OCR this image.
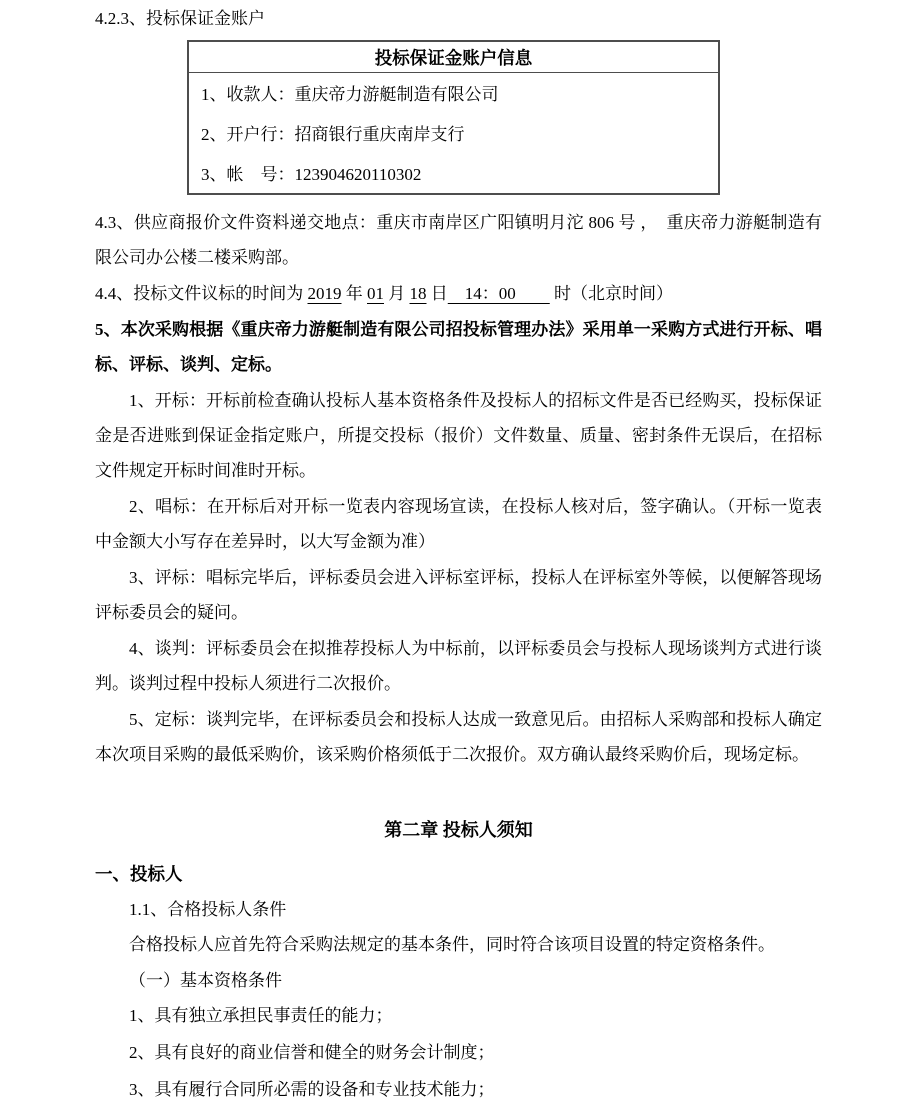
4.2.3、投标保证金账户

投标保证金账户信息
1、收款人：重庆帝力游艇制造有限公司
2、开户行：招商银行重庆南岸支行
3、帐　号：123904620110302

4.3、供应商报价文件资料递交地点：重庆市南岸区广阳镇明月沱 806 号 ，　重庆帝力游艇制造有限公司办公楼二楼采购部。

4.4、投标文件议标的时间为 2019 年 01 月 18 日　14：00　　 时（北京时间）

5、本次采购根据《重庆帝力游艇制造有限公司招投标管理办法》采用单一采购方式进行开标、唱标、评标、谈判、定标。

1、开标：开标前检查确认投标人基本资格条件及投标人的招标文件是否已经购买，投标保证金是否进账到保证金指定账户，所提交投标（报价）文件数量、质量、密封条件无误后，在招标文件规定开标时间准时开标。

2、唱标：在开标后对开标一览表内容现场宣读，在投标人核对后，签字确认。（开标一览表中金额大小写存在差异时，以大写金额为准）

3、评标：唱标完毕后，评标委员会进入评标室评标，投标人在评标室外等候，以便解答现场评标委员会的疑问。

4、谈判：评标委员会在拟推荐投标人为中标前，以评标委员会与投标人现场谈判方式进行谈判。谈判过程中投标人须进行二次报价。

5、定标：谈判完毕，在评标委员会和投标人达成一致意见后。由招标人采购部和投标人确定本次项目采购的最低采购价，该采购价格须低于二次报价。双方确认最终采购价后，现场定标。

第二章 投标人须知

一、投标人

1.1、合格投标人条件

合格投标人应首先符合采购法规定的基本条件，同时符合该项目设置的特定资格条件。

（一）基本资格条件

1、具有独立承担民事责任的能力；

2、具有良好的商业信誉和健全的财务会计制度；

3、具有履行合同所必需的设备和专业技术能力；
